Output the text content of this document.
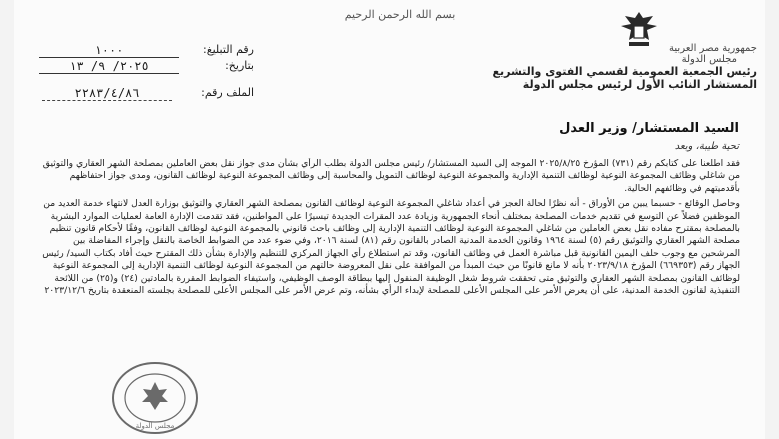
بسم الله الرحمن الرحيم
جمهورية مصر العربية
مجلس الدولة
رئيس الجمعية العمومية لقسمي الفتوى والتشريع
المستشار النائب الأول لرئيس مجلس الدولة
رقم التبليغ:
١٠٠٠
بتاريخ:
٢٠٢٥/ ٩/ ١٣
الملف رقم:
٢٢٨٣/٤/٨٦
السيد المستشار/ وزير العدل
تحية طيبة، وبعد

فقد اطلعنا على كتابكم رقم (٧٣١) المؤرخ ٢٠٢٥/٨/٢٥ الموجه إلى السيد المستشار/ رئيس مجلس الدولة بطلب الرأي بشأن مدى جواز نقل بعض العاملين بمصلحة الشهر العقاري والتوثيق من شاغلي وظائف المجموعة النوعية لوظائف التنمية الإدارية والمجموعة النوعية لوظائف التمويل والمحاسبة إلى وظائف المجموعة النوعية لوظائف القانون، ومدى جواز احتفاظهم بأقدميتهم في وظائفهم الحالية.

وحاصل الوقائع - حسبما يبين من الأوراق - أنه نظرًا لحالة العجز في أعداد شاغلي المجموعة النوعية لوظائف القانون بمصلحة الشهر العقاري والتوثيق بوزارة العدل لانتهاء خدمة العديد من الموظفين فضلاً عن التوسع في تقديم خدمات المصلحة بمختلف أنحاء الجمهورية وزيادة عدد المقرات الجديدة تيسيرًا على المواطنين، فقد تقدمت الإدارة العامة لعمليات الموارد البشرية بالمصلحة بمقترح مفاده نقل بعض العاملين من شاغلي المجموعة النوعية لوظائف التنمية الإدارية إلى وظائف باحث قانوني بالمجموعة النوعية لوظائف القانون، وفقًا لأحكام قانون تنظيم مصلحة الشهر العقاري والتوثيق رقم (٥) لسنة ١٩٦٤ وقانون الخدمة المدنية الصادر بالقانون رقم (٨١) لسنة ٢٠١٦، وفي ضوء عدد من الضوابط الخاصة بالنقل وإجراء المفاضلة بين المرشحين مع وجوب حلف اليمين القانونية قبل مباشرة العمل في وظائف القانون، وقد تم استطلاع رأي الجهاز المركزي للتنظيم والإدارة بشأن ذلك المقترح حيث أفاد بكتاب السيد/ رئيس الجهاز رقم (٦٦٩٣٥٣) المؤرخ ٢٠٢٣/٩/١٨ بأنه لا مانع قانونًا من حيث المبدأ من الموافقة على نقل المعروضة حالتهم من المجموعة النوعية لوظائف التنمية الإدارية إلى المجموعة النوعية لوظائف القانون بمصلحة الشهر العقاري والتوثيق متى تحققت شروط شغل الوظيفة المنقول إليها ببطاقة الوصف الوظيفي، واستيفاء الضوابط المقررة بالمادتين (٢٤) و(٢٥) من اللائحة التنفيذية لقانون الخدمة المدنية، على أن يعرض الأمر على المجلس الأعلى للمصلحة لإبداء الرأي بشأنه، وتم عرض الأمر على المجلس الأعلى للمصلحة بجلسته المنعقدة بتاريخ ٢٠٢٣/١٢/٦

مجلس الدولة
